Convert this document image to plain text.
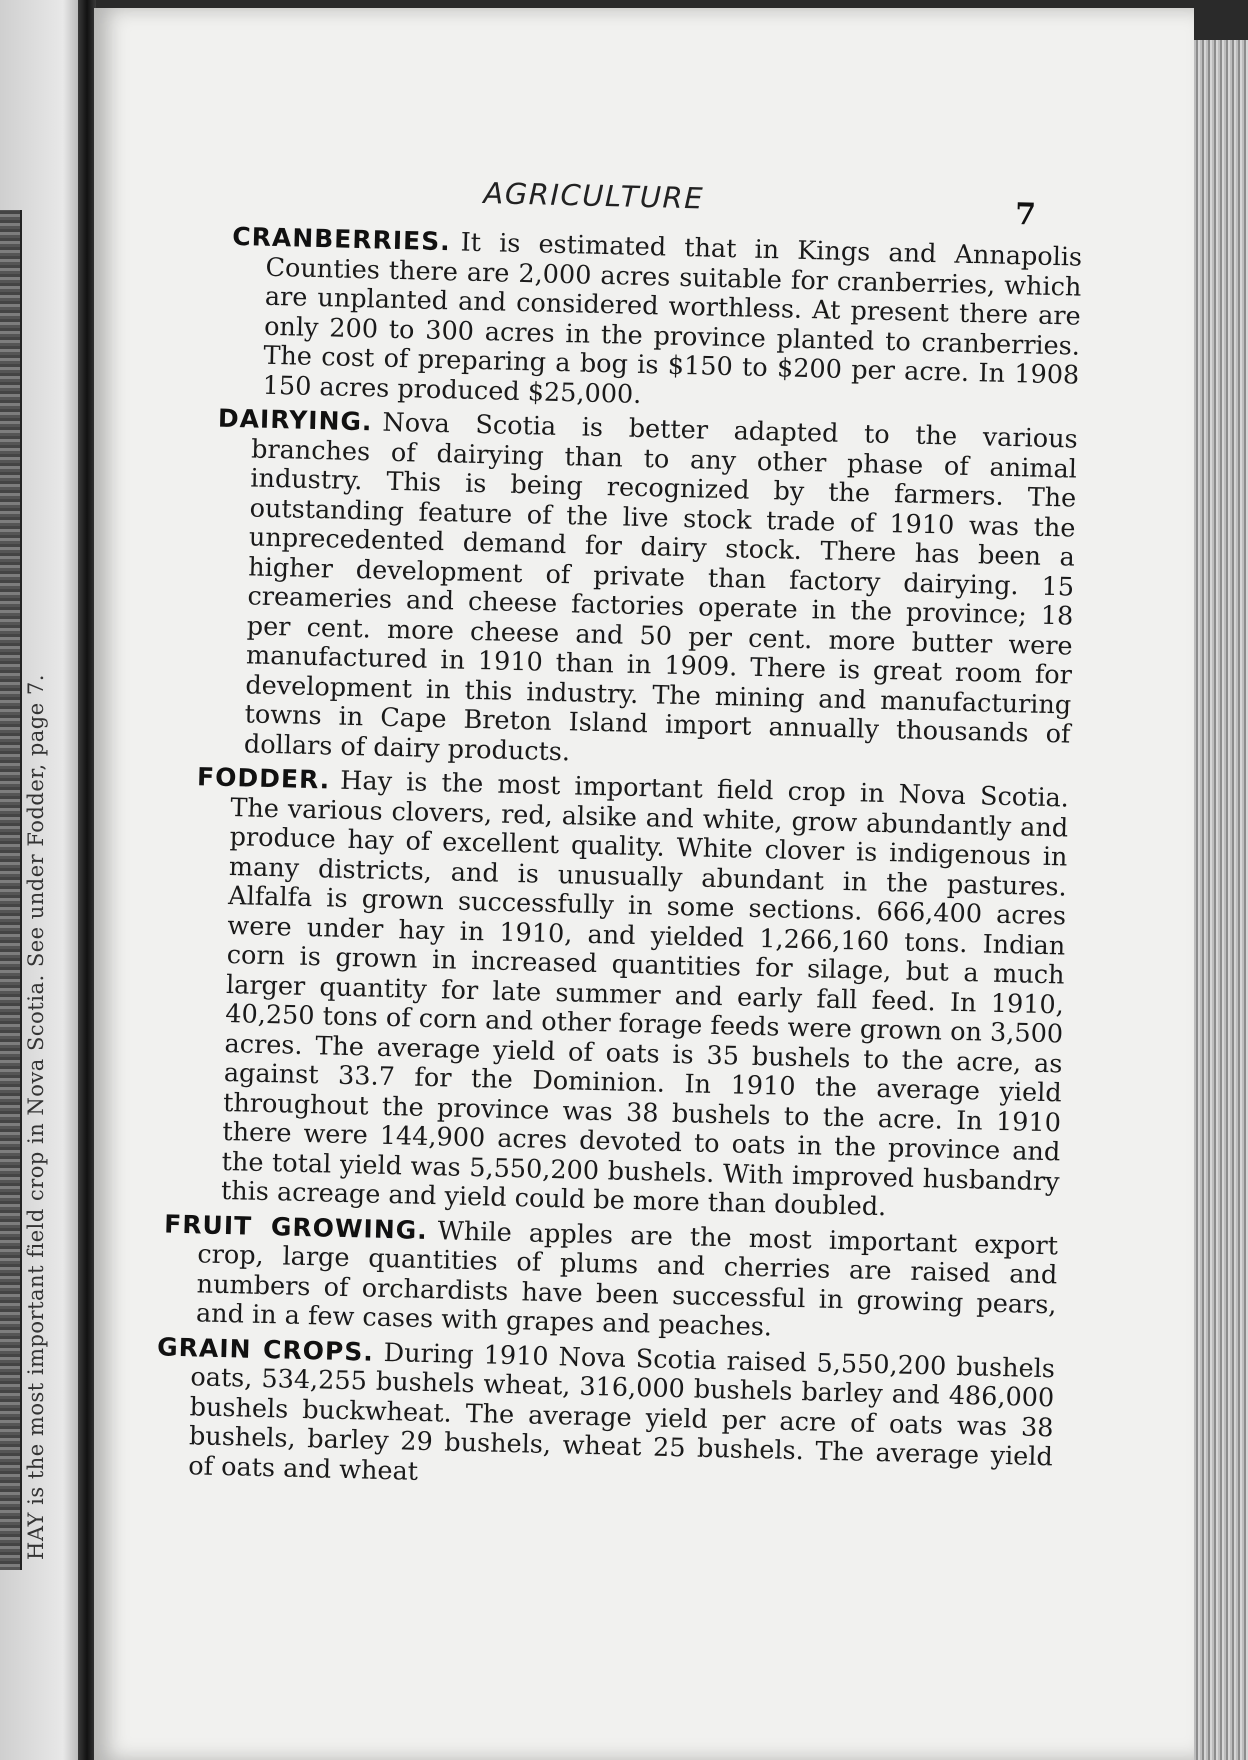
HAY is the most important field crop in Nova Scotia. See under Fodder, page 7.
AGRICULTURE	7

CRANBERRIES. It is estimated that in Kings and Annapolis Counties there are 2,000 acres suitable for cranberries, which are unplanted and considered worthless. At present there are only 200 to 300 acres in the province planted to cranberries. The cost of preparing a bog is $150 to $200 per acre. In 1908 150 acres produced $25,000.

DAIRYING. Nova Scotia is better adapted to the various branches of dairying than to any other phase of animal industry. This is being recognized by the farmers. The outstanding feature of the live stock trade of 1910 was the unprecedented demand for dairy stock. There has been a higher development of private than factory dairying. 15 creameries and cheese factories operate in the province; 18 per cent. more cheese and 50 per cent. more butter were manufactured in 1910 than in 1909. There is great room for development in this industry. The mining and manufacturing towns in Cape Breton Island import annually thousands of dollars of dairy products.

FODDER. Hay is the most important field crop in Nova Scotia. The various clovers, red, alsike and white, grow abundantly and produce hay of excellent quality. White clover is indigenous in many districts, and is unusually abundant in the pastures. Alfalfa is grown successfully in some sections. 666,400 acres were under hay in 1910, and yielded 1,266,160 tons. Indian corn is grown in increased quantities for silage, but a much larger quantity for late summer and early fall feed. In 1910, 40,250 tons of corn and other forage feeds were grown on 3,500 acres. The average yield of oats is 35 bushels to the acre, as against 33.7 for the Dominion. In 1910 the average yield throughout the province was 38 bushels to the acre. In 1910 there were 144,900 acres devoted to oats in the province and the total yield was 5,550,200 bushels. With improved husbandry this acreage and yield could be more than doubled.

FRUIT GROWING. While apples are the most important export crop, large quantities of plums and cherries are raised and numbers of orchardists have been successful in growing pears, and in a few cases with grapes and peaches.

GRAIN CROPS. During 1910 Nova Scotia raised 5,550,200 bushels oats, 534,255 bushels wheat, 316,000 bushels barley and 486,000 bushels buckwheat. The average yield per acre of oats was 38 bushels, barley 29 bushels, wheat 25 bushels. The average yield of oats and wheat
